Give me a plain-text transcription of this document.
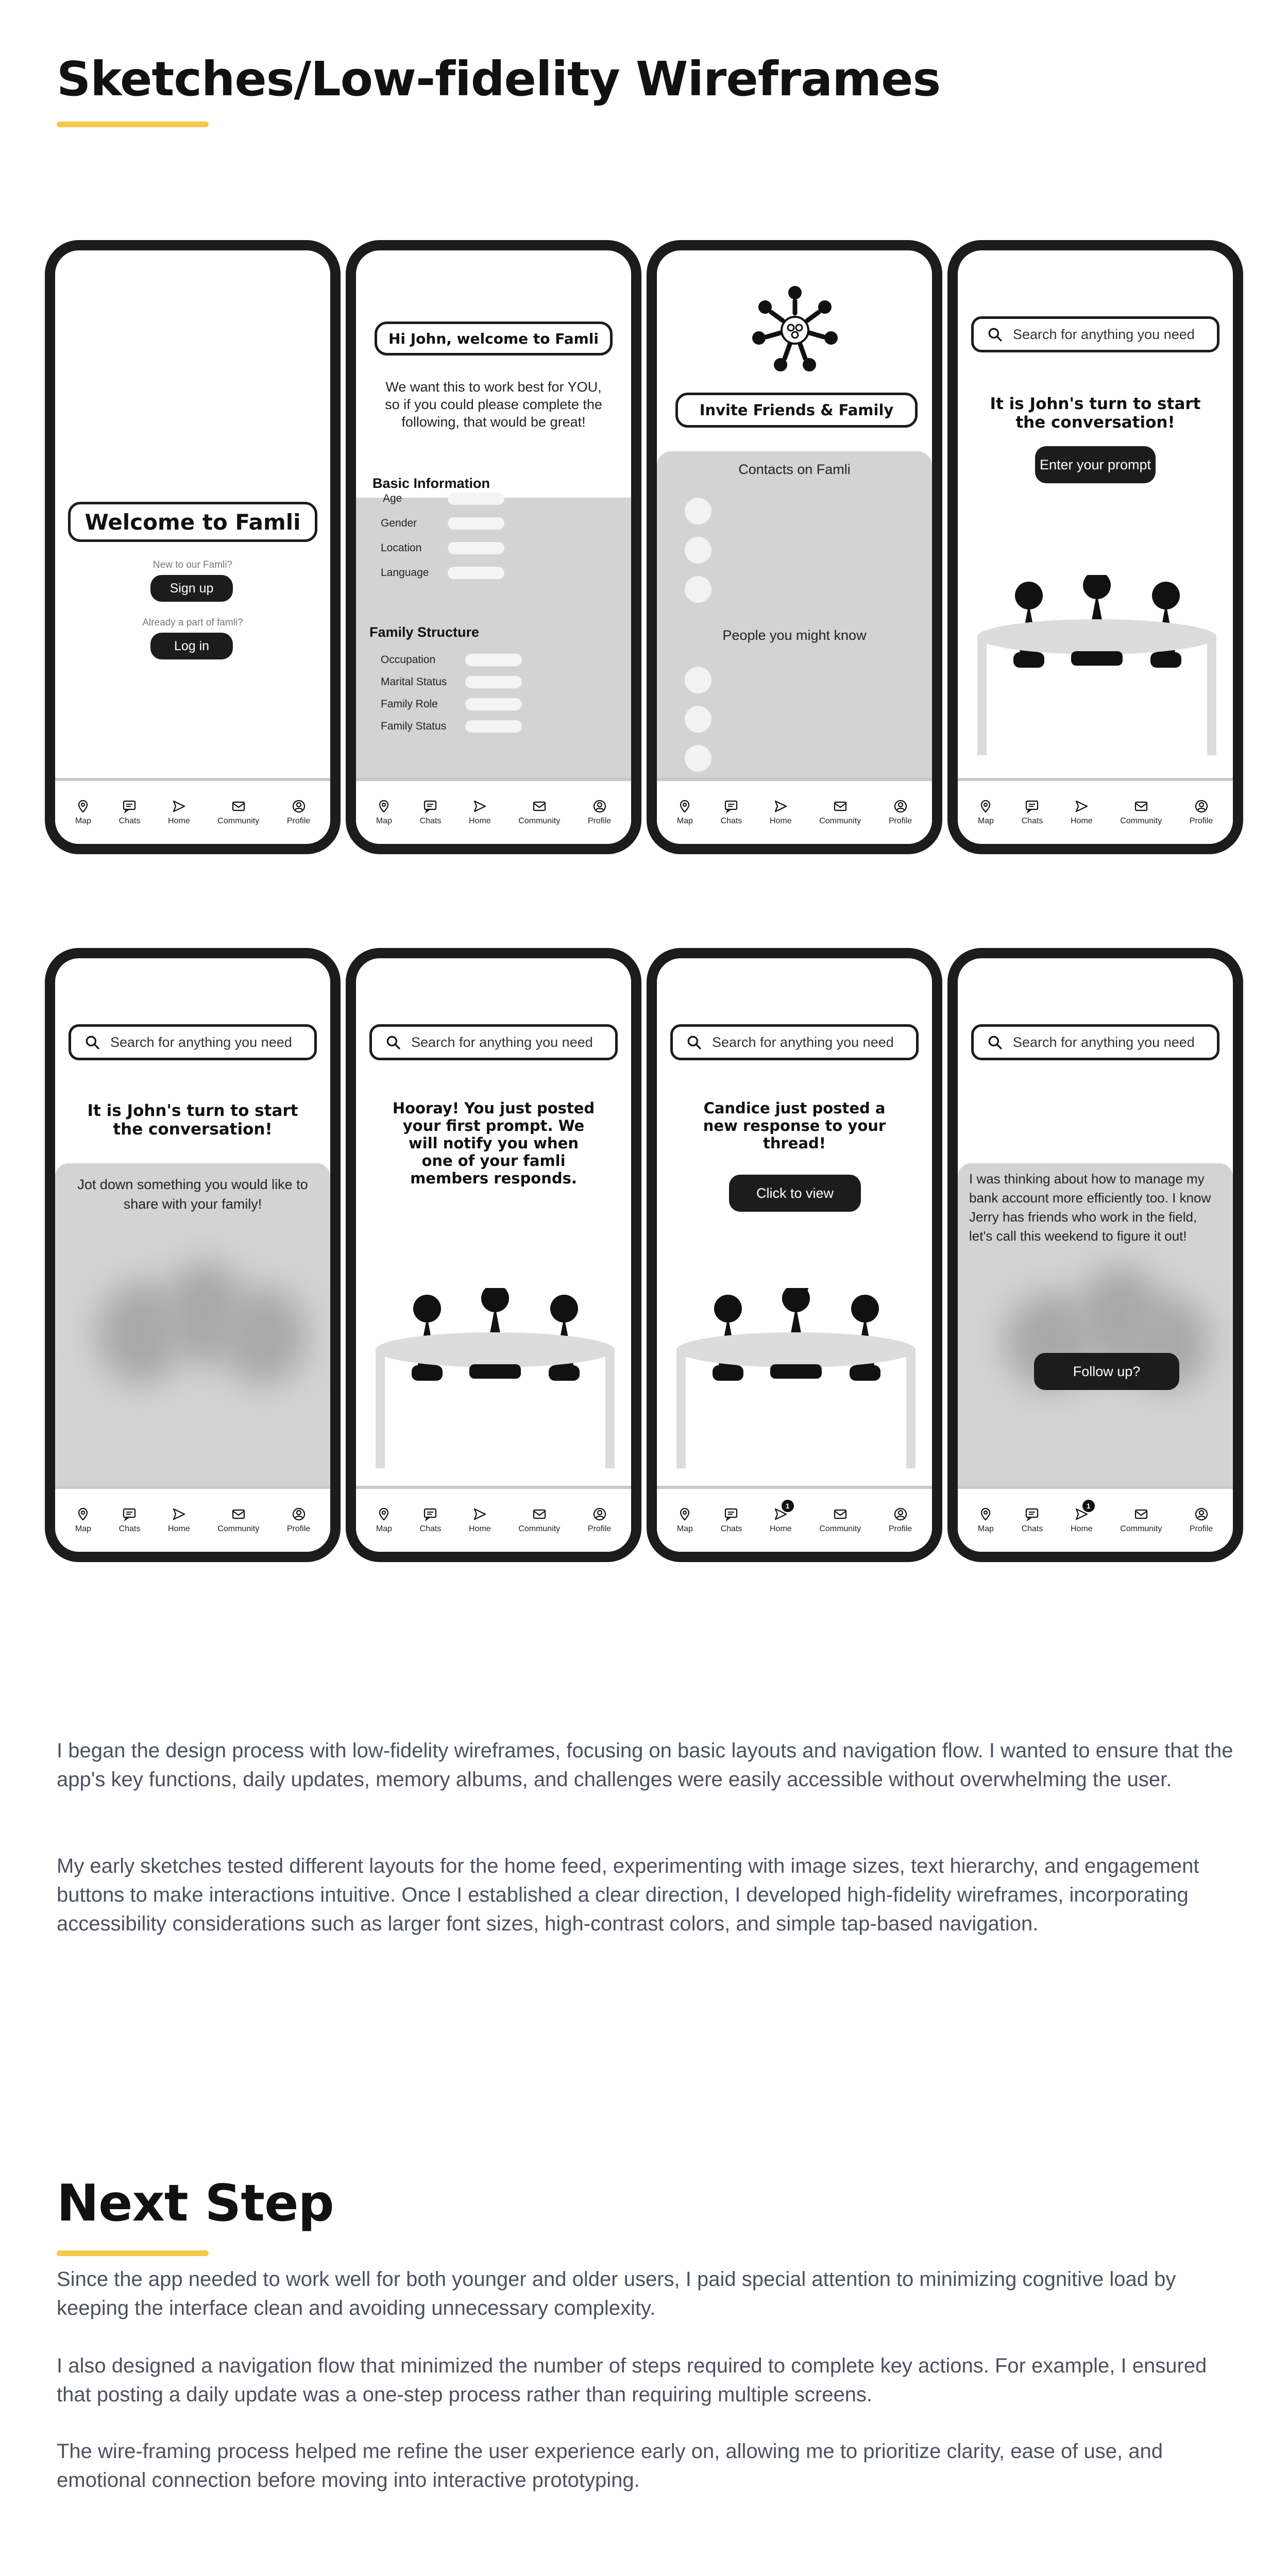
Sketches/Low-fidelity Wireframes
Welcome to Famli
New to our Famli?
Sign up
Already a part of famli?
Log in
Map	Chats	Home	Community	Profile
Hi John, welcome to Famli
We want this to work best for YOU, so if you could please complete the following, that would be great!
Basic Information
Age
Gender
Location
Language
Family Structure
Occupation
Marital Status
Family Role
Family Status
Map	Chats	Home	Community	Profile
Invite Friends & Family
Contacts on Famli
People you might know
Map	Chats	Home	Community	Profile
Search for anything you need
It is John's turn to start the conversation!
Enter your prompt
Map	Chats	Home	Community	Profile
Search for anything you need
It is John's turn to start the conversation!
Jot down something you would like to share with your family!
Map	Chats	Home	Community	Profile
Search for anything you need
Hooray! You just posted your first prompt. We will notify you when one of your famli members responds.
Map	Chats	Home	Community	Profile
Search for anything you need
Candice just posted a new response to your thread!
Click to view
Map	Chats	Home
1
Community	Profile
Search for anything you need
I was thinking about how to manage my bank account more efficiently too. I know Jerry has friends who work in the field, let's call this weekend to figure it out!
Follow up?
Map	Chats	Home
1
Community	Profile

I began the design process with low-fidelity wireframes, focusing on basic layouts and navigation flow. I wanted to ensure that the app's key functions, daily updates, memory albums, and challenges were easily accessible without overwhelming the user.

My early sketches tested different layouts for the home feed, experimenting with image sizes, text hierarchy, and engagement buttons to make interactions intuitive. Once I established a clear direction, I developed high-fidelity wireframes, incorporating accessibility considerations such as larger font sizes, high-contrast colors, and simple tap-based navigation.

Next Step

Since the app needed to work well for both younger and older users, I paid special attention to minimizing cognitive load by keeping the interface clean and avoiding unnecessary complexity.

I also designed a navigation flow that minimized the number of steps required to complete key actions. For example, I ensured that posting a daily update was a one-step process rather than requiring multiple screens.

The wire-framing process helped me refine the user experience early on, allowing me to prioritize clarity, ease of use, and emotional connection before moving into interactive prototyping.
